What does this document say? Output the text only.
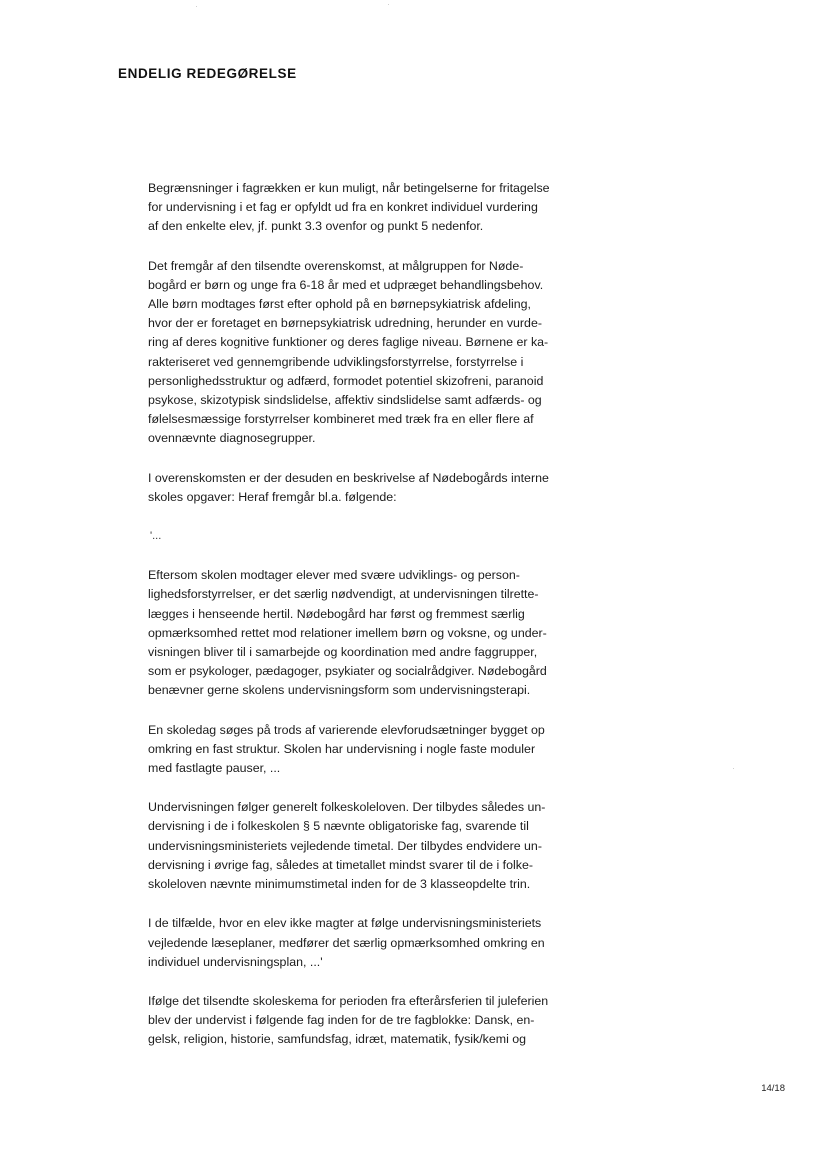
ENDELIG REDEGØRELSE
Begrænsninger i fagrækken er kun muligt, når betingelserne for fritagelse
for undervisning i et fag er opfyldt ud fra en konkret individuel vurdering
af den enkelte elev, jf. punkt 3.3 ovenfor og punkt 5 nedenfor.
Det fremgår af den tilsendte overenskomst, at målgruppen for Nøde-
bogård er børn og unge fra 6-18 år med et udpræget behandlingsbehov.
Alle børn modtages først efter ophold på en børnepsykiatrisk afdeling,
hvor der er foretaget en børnepsykiatrisk udredning, herunder en vurde-
ring af deres kognitive funktioner og deres faglige niveau. Børnene er ka-
rakteriseret ved gennemgribende udviklingsforstyrrelse, forstyrrelse i
personlighedsstruktur og adfærd, formodet potentiel skizofreni, paranoid
psykose, skizotypisk sindslidelse, affektiv sindslidelse samt adfærds- og
følelsesmæssige forstyrrelser kombineret med træk fra en eller flere af
ovennævnte diagnosegrupper.
I overenskomsten er der desuden en beskrivelse af Nødebogårds interne
skoles opgaver: Heraf fremgår bl.a. følgende:
'...
Eftersom skolen modtager elever med svære udviklings- og person-
lighedsforstyrrelser, er det særlig nødvendigt, at undervisningen tilrette-
lægges i henseende hertil. Nødebogård har først og fremmest særlig
opmærksomhed rettet mod relationer imellem børn og voksne, og under-
visningen bliver til i samarbejde og koordination med andre faggrupper,
som er psykologer, pædagoger, psykiater og socialrådgiver. Nødebogård
benævner gerne skolens undervisningsform som undervisningsterapi.
En skoledag søges på trods af varierende elevforudsætninger bygget op
omkring en fast struktur. Skolen har undervisning i nogle faste moduler
med fastlagte pauser, ...
Undervisningen følger generelt folkeskoleloven. Der tilbydes således un-
dervisning i de i folkeskolen § 5 nævnte obligatoriske fag, svarende til
undervisningsministeriets vejledende timetal. Der tilbydes endvidere un-
dervisning i øvrige fag, således at timetallet mindst svarer til de i folke-
skoleloven nævnte minimumstimetal inden for de 3 klasseopdelte trin.
I de tilfælde, hvor en elev ikke magter at følge undervisningsministeriets
vejledende læseplaner, medfører det særlig opmærksomhed omkring en
individuel undervisningsplan, ...'
Ifølge det tilsendte skoleskema for perioden fra efterårsferien til juleferien
blev der undervist i følgende fag inden for de tre fagblokke: Dansk, en-
gelsk, religion, historie, samfundsfag, idræt, matematik, fysik/kemi og
14/18
